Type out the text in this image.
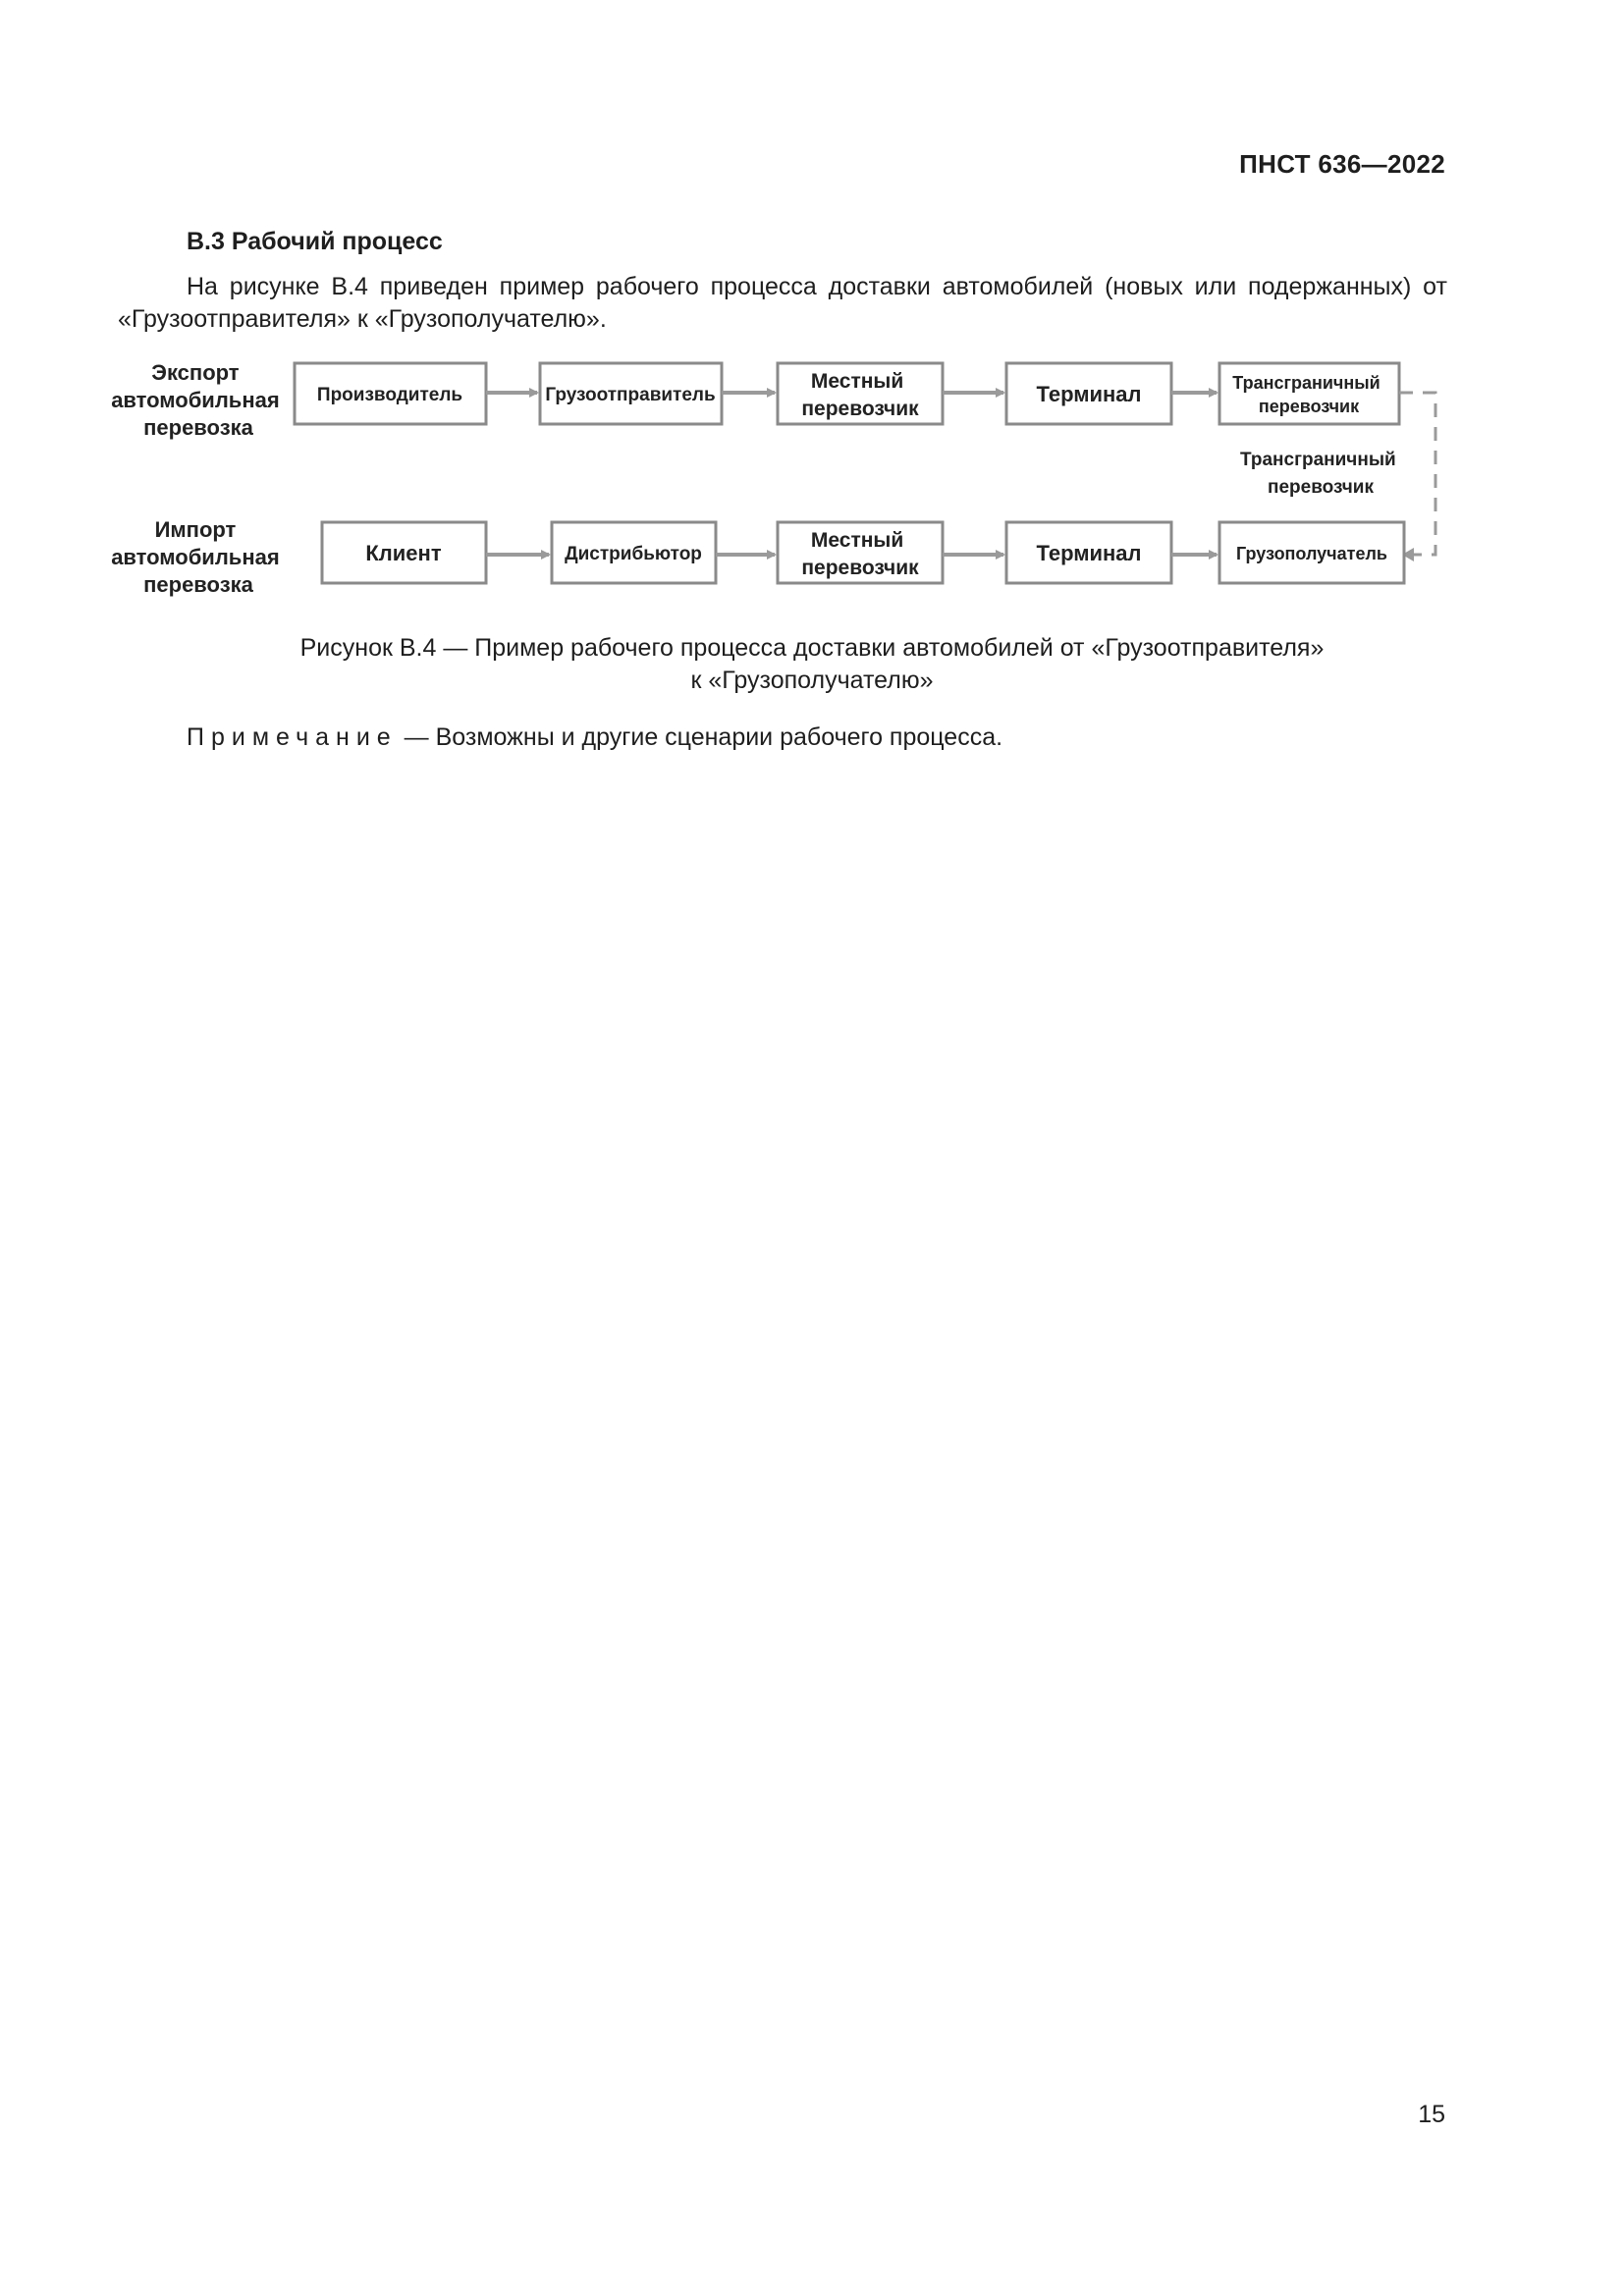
ПНСТ 636—2022
В.3 Рабочий процесс
На рисунке В.4 приведен пример рабочего процесса доставки автомобилей (новых или подержанных) от «Грузоотправителя» к «Грузополучателю».
Экспорт автомобильная перевозка
Производитель	Грузоотправитель
Местный перевозчик
Терминал	Трансграничный перевозчик
Трансграничный перевозчик
Импорт автомобильная перевозка
Клиент	Дистрибьютор
Местный перевозчик
Терминал	Грузополучатель
Рисунок В.4 — Пример рабочего процесса доставки автомобилей от «Грузоотправителя»
к «Грузополучателю»
Примечание — Возможны и другие сценарии рабочего процесса.
15
